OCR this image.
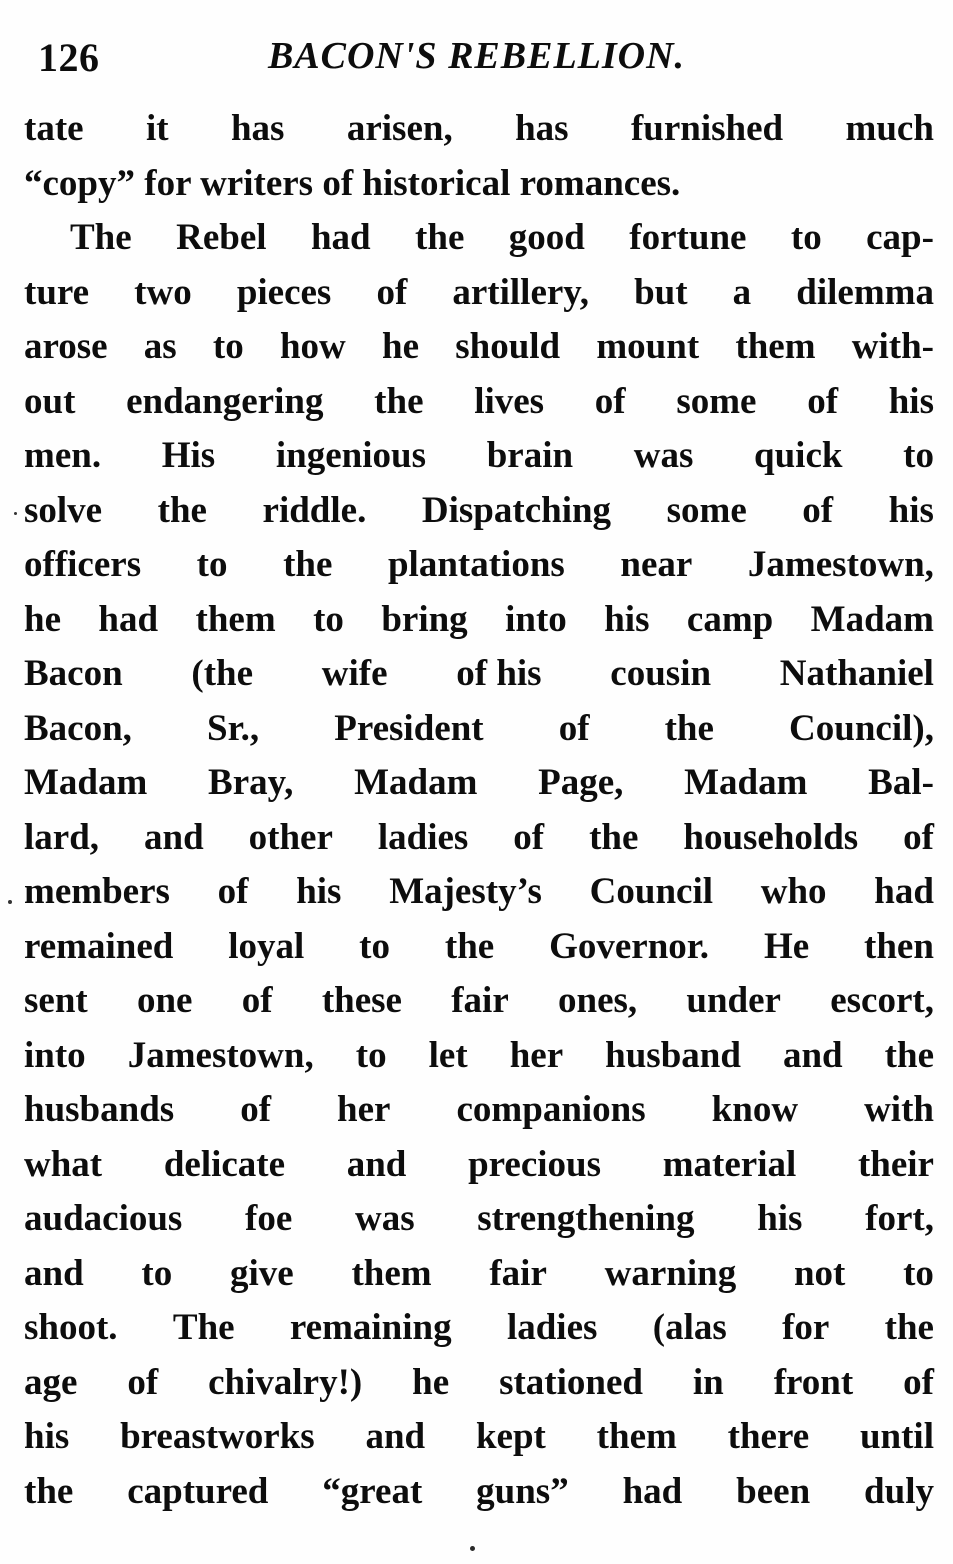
126	BACON'S REBELLION.
tate it has arisen, has furnished much
“copy” for writers of historical romances.
The Rebel had the good fortune to cap-
ture two pieces of artillery, but a dilemma
arose as to how he should mount them with-
out endangering the lives of some of his
men. His ingenious brain was quick to
solve the riddle. Dispatching some of his
officers to the plantations near Jamestown,
he had them to bring into his camp Madam
Bacon (the wife of his cousin Nathaniel
Bacon, Sr., President of the Council),
Madam Bray, Madam Page, Madam Bal-
lard, and other ladies of the households of
members of his Majesty’s Council who had
remained loyal to the Governor. He then
sent one of these fair ones, under escort,
into Jamestown, to let her husband and the
husbands of her companions know with
what delicate and precious material their
audacious foe was strengthening his fort,
and to give them fair warning not to
shoot. The remaining ladies (alas for the
age of chivalry!) he stationed in front of
his breastworks and kept them there until
the captured “great guns” had been duly
